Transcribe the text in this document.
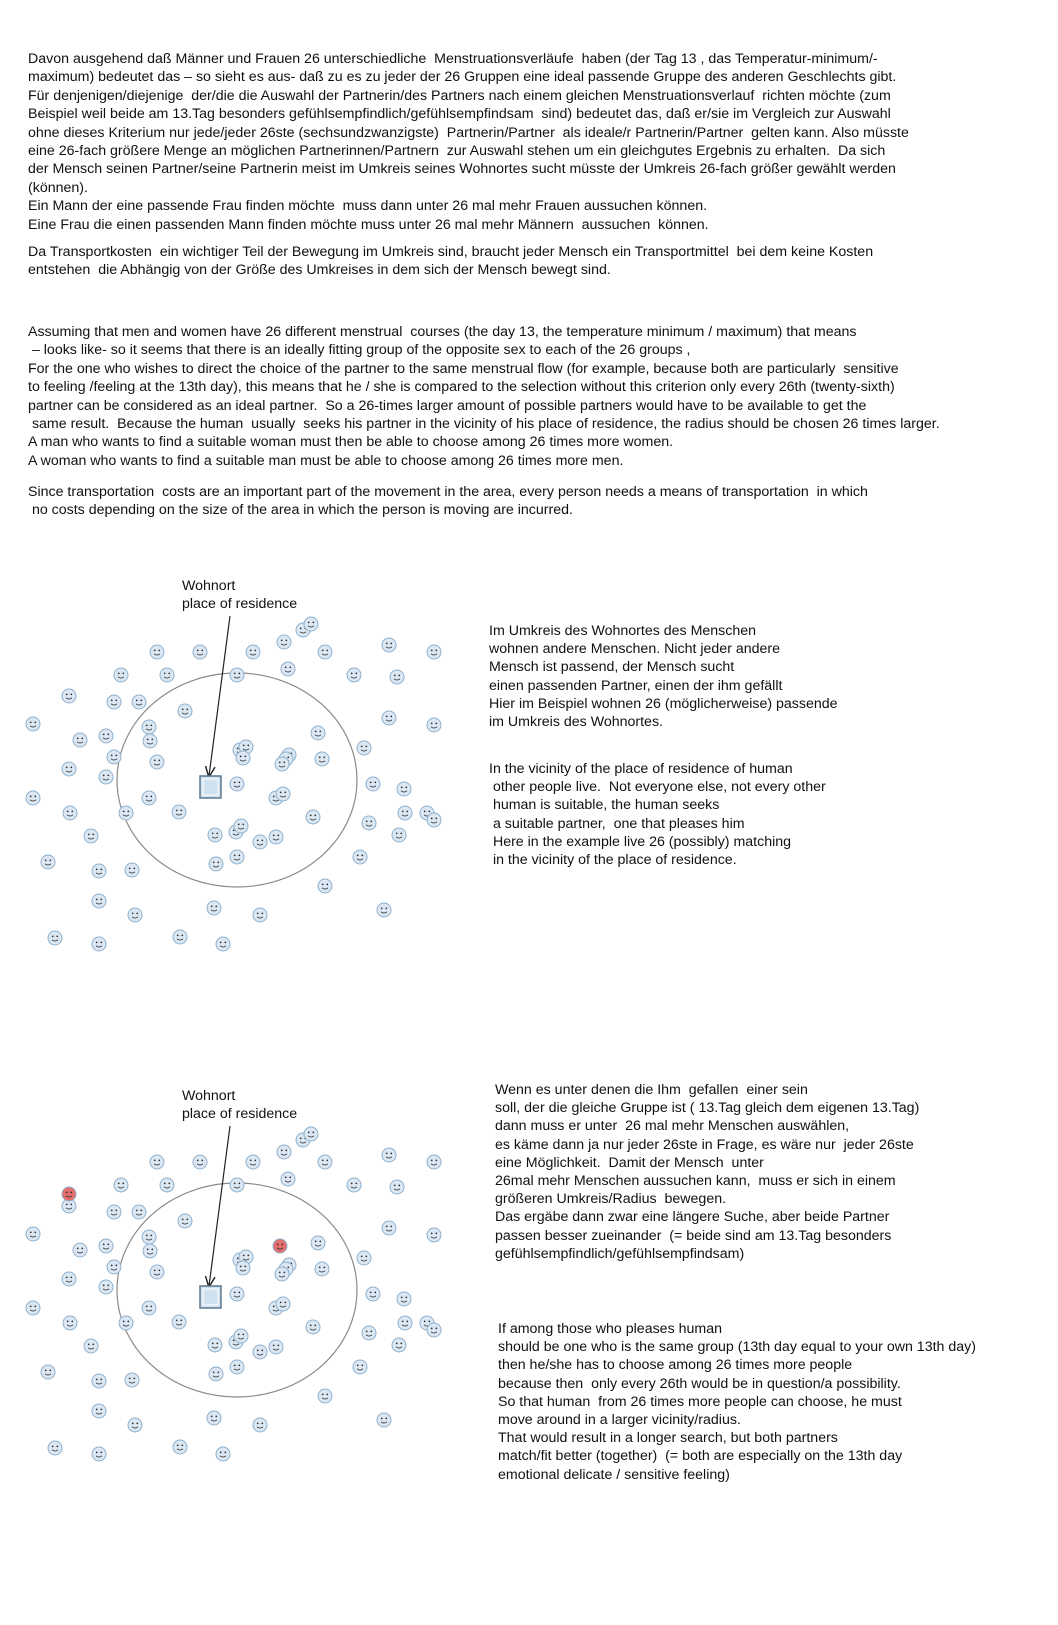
Davon ausgehend daß Männer und Frauen 26 unterschiedliche  Menstruationsverläufe  haben (der Tag 13 , das Temperatur-minimum/-
maximum) bedeutet das – so sieht es aus- daß zu es zu jeder der 26 Gruppen eine ideal passende Gruppe des anderen Geschlechts gibt.
Für denjenigen/diejenige  der/die die Auswahl der Partnerin/des Partners nach einem gleichen Menstruationsverlauf  richten möchte (zum
Beispiel weil beide am 13.Tag besonders gefühlsempfindlich/gefühlsempfindsam  sind) bedeutet das, daß er/sie im Vergleich zur Auswahl
ohne dieses Kriterium nur jede/jeder 26ste (sechsundzwanzigste)  Partnerin/Partner  als ideale/r Partnerin/Partner  gelten kann. Also müsste
eine 26-fach größere Menge an möglichen Partnerinnen/Partnern  zur Auswahl stehen um ein gleichgutes Ergebnis zu erhalten.  Da sich
der Mensch seinen Partner/seine Partnerin meist im Umkreis seines Wohnortes sucht müsste der Umkreis 26-fach größer gewählt werden
(können).
Ein Mann der eine passende Frau finden möchte  muss dann unter 26 mal mehr Frauen aussuchen können.
Eine Frau die einen passenden Mann finden möchte muss unter 26 mal mehr Männern  aussuchen  können.
Da Transportkosten  ein wichtiger Teil der Bewegung im Umkreis sind, braucht jeder Mensch ein Transportmittel  bei dem keine Kosten
entstehen  die Abhängig von der Größe des Umkreises in dem sich der Mensch bewegt sind.
Assuming that men and women have 26 different menstrual  courses (the day 13, the temperature minimum / maximum) that means
– looks like- so it seems that there is an ideally fitting group of the opposite sex to each of the 26 groups ,
For the one who wishes to direct the choice of the partner to the same menstrual flow (for example, because both are particularly  sensitive
to feeling /feeling at the 13th day), this means that he / she is compared to the selection without this criterion only every 26th (twenty-sixth)
partner can be considered as an ideal partner.  So a 26-times larger amount of possible partners would have to be available to get the
same result.  Because the human  usually  seeks his partner in the vicinity of his place of residence, the radius should be chosen 26 times larger.
A man who wants to find a suitable woman must then be able to choose among 26 times more women.
A woman who wants to find a suitable man must be able to choose among 26 times more men.
Since transportation  costs are an important part of the movement in the area, every person needs a means of transportation  in which
no costs depending on the size of the area in which the person is moving are incurred.
Wohnort
place of residence
Im Umkreis des Wohnortes des Menschen
wohnen andere Menschen. Nicht jeder andere
Mensch ist passend, der Mensch sucht
einen passenden Partner, einen der ihm gefällt
Hier im Beispiel wohnen 26 (möglicherweise) passende
im Umkreis des Wohnortes.
In the vicinity of the place of residence of human
other people live.  Not everyone else, not every other
human is suitable, the human seeks
a suitable partner,  one that pleases him
Here in the example live 26 (possibly) matching
in the vicinity of the place of residence.
Wohnort
place of residence
Wenn es unter denen die Ihm  gefallen  einer sein
soll, der die gleiche Gruppe ist ( 13.Tag gleich dem eigenen 13.Tag)
dann muss er unter  26 mal mehr Menschen auswählen,
es käme dann ja nur jeder 26ste in Frage, es wäre nur  jeder 26ste
eine Möglichkeit.  Damit der Mensch  unter
26mal mehr Menschen aussuchen kann,  muss er sich in einem
größeren Umkreis/Radius  bewegen.
Das ergäbe dann zwar eine längere Suche, aber beide Partner
passen besser zueinander  (= beide sind am 13.Tag besonders
gefühlsempfindlich/gefühlsempfindsam)
If among those who pleases human
should be one who is the same group (13th day equal to your own 13th day)
then he/she has to choose among 26 times more people
because then  only every 26th would be in question/a possibility.
So that human  from 26 times more people can choose, he must
move around in a larger vicinity/radius.
That would result in a longer search, but both partners
match/fit better (together)  (= both are especially on the 13th day
emotional delicate / sensitive feeling)
